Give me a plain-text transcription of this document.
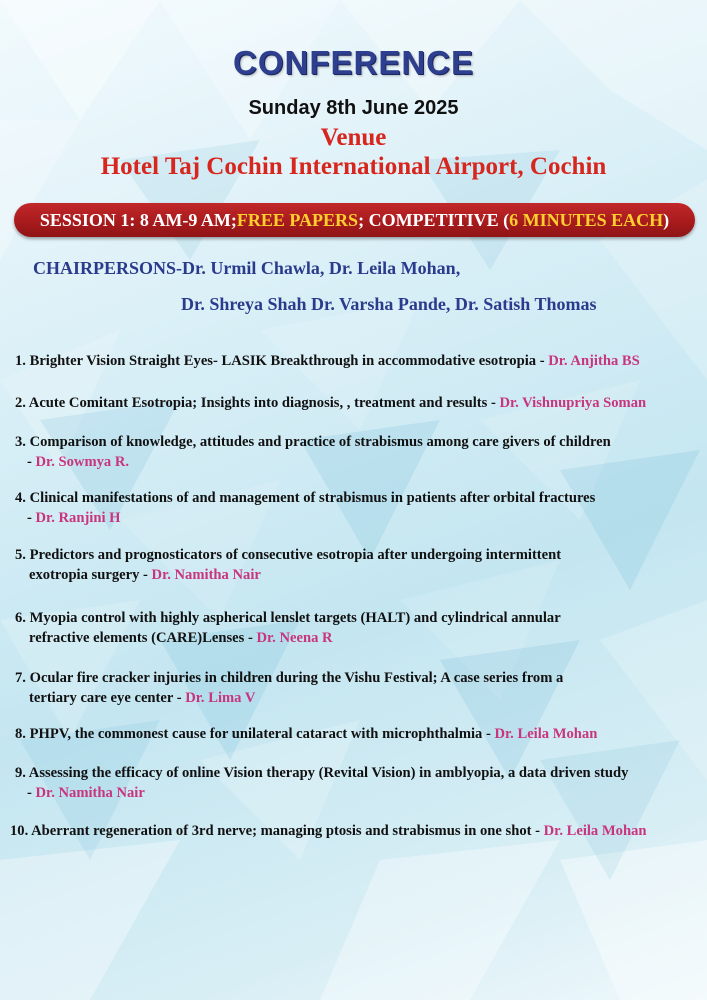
CONFERENCE
Sunday 8th June 2025
Venue
Hotel Taj Cochin International Airport, Cochin
SESSION 1: 8 AM-9 AM; FREE PAPERS ; COMPETITIVE ( 6 MINUTES EACH )
CHAIRPERSONS-Dr. Urmil Chawla, Dr. Leila Mohan,
Dr. Shreya Shah Dr. Varsha Pande, Dr. Satish Thomas
1. Brighter Vision Straight Eyes- LASIK Breakthrough in accommodative esotropia - Dr. Anjitha BS
2. Acute Comitant Esotropia; Insights into diagnosis, , treatment and results - Dr. Vishnupriya Soman
3. Comparison of knowledge, attitudes and practice of strabismus among care givers of children
- Dr. Sowmya R.
4. Clinical manifestations of and management of strabismus in patients after orbital fractures
- Dr. Ranjini H
5. Predictors and prognosticators of consecutive esotropia after undergoing intermittent
exotropia surgery - Dr. Namitha Nair
6. Myopia control with highly aspherical lenslet targets (HALT) and cylindrical annular
refractive elements (CARE)Lenses - Dr. Neena R
7. Ocular fire cracker injuries in children during the Vishu Festival; A case series from a
tertiary care eye center - Dr. Lima V
8. PHPV, the commonest cause for unilateral cataract with microphthalmia - Dr. Leila Mohan
9. Assessing the efficacy of online Vision therapy (Revital Vision) in amblyopia, a data driven study
- Dr. Namitha Nair
10. Aberrant regeneration of 3rd nerve; managing ptosis and strabismus in one shot - Dr. Leila Mohan
